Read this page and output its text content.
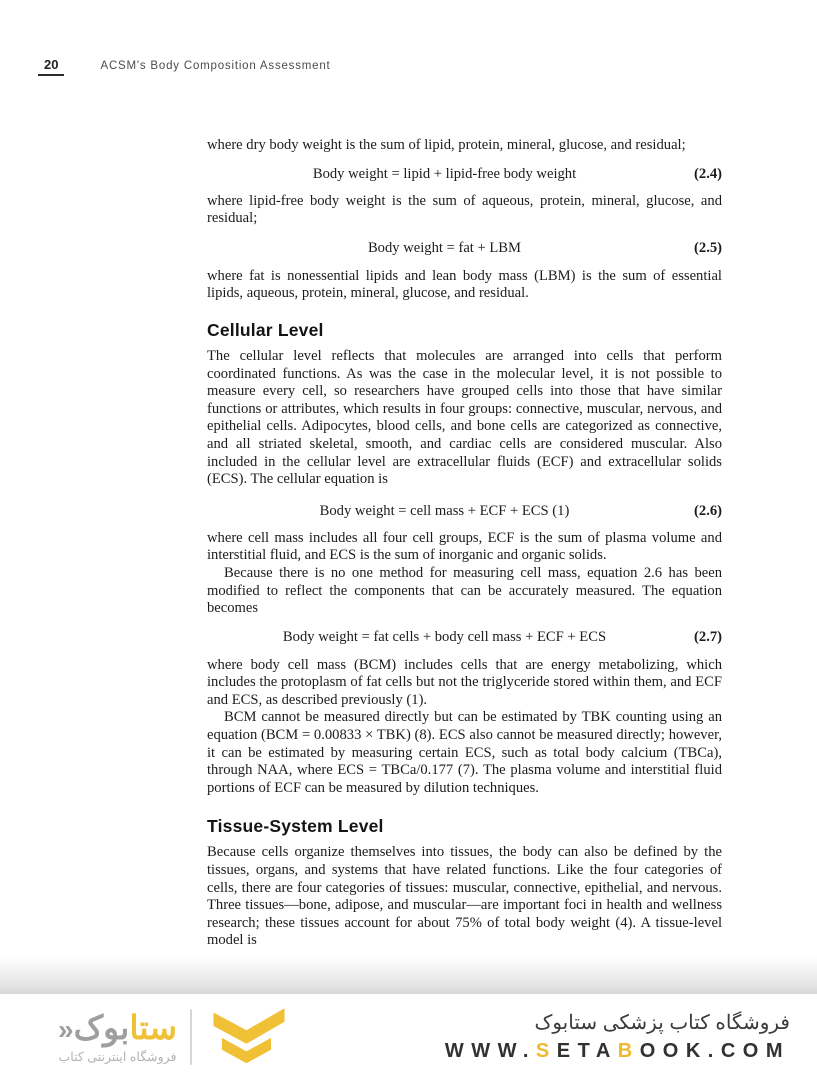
20	ACSM's Body Composition Assessment

where dry body weight is the sum of lipid, protein, mineral, glucose, and residual;

Body weight = lipid + lipid-free body weight	(2.4)

where lipid-free body weight is the sum of aqueous, protein, mineral, glucose, and residual;

Body weight = fat + LBM	(2.5)

where fat is nonessential lipids and lean body mass (LBM) is the sum of essential lipids, aqueous, protein, mineral, glucose, and residual.

Cellular Level

The cellular level reflects that molecules are arranged into cells that perform coordinated functions. As was the case in the molecular level, it is not possible to measure every cell, so researchers have grouped cells into those that have similar functions or attributes, which results in four groups: connective, muscular, nervous, and epithelial cells. Adipocytes, blood cells, and bone cells are categorized as connective, and all striated skeletal, smooth, and cardiac cells are considered muscular. Also included in the cellular level are extracellular fluids (ECF) and extracellular solids (ECS). The cellular equation is

Body weight = cell mass + ECF + ECS (1)	(2.6)

where cell mass includes all four cell groups, ECF is the sum of plasma volume and interstitial fluid, and ECS is the sum of inorganic and organic solids.

Because there is no one method for measuring cell mass, equation 2.6 has been modified to reflect the components that can be accurately measured. The equation becomes

Body weight = fat cells + body cell mass + ECF + ECS	(2.7)

where body cell mass (BCM) includes cells that are energy metabolizing, which includes the protoplasm of fat cells but not the triglyceride stored within them, and ECF and ECS, as described previously (1).

BCM cannot be measured directly but can be estimated by TBK counting using an equation (BCM = 0.00833 × TBK) (8). ECS also cannot be measured directly; however, it can be estimated by measuring certain ECS, such as total body calcium (TBCa), through NAA, where ECS = TBCa/0.177 (7). The plasma volume and interstitial fluid portions of ECF can be measured by dilution techniques.

Tissue-System Level

Because cells organize themselves into tissues, the body can also be defined by the tissues, organs, and systems that have related functions. Like the four categories of cells, there are four categories of tissues: muscular, connective, epithelial, and nervous. Three tissues—bone, adipose, and muscular—are important foci in health and wellness research; these tissues account for about 75% of total body weight (4). A tissue-level model is

ستابوک«
فروشگاه اینترنتی کتاب
فروشگاه کتاب پزشکی ستابوک
WWW.SETABOOK.COM
